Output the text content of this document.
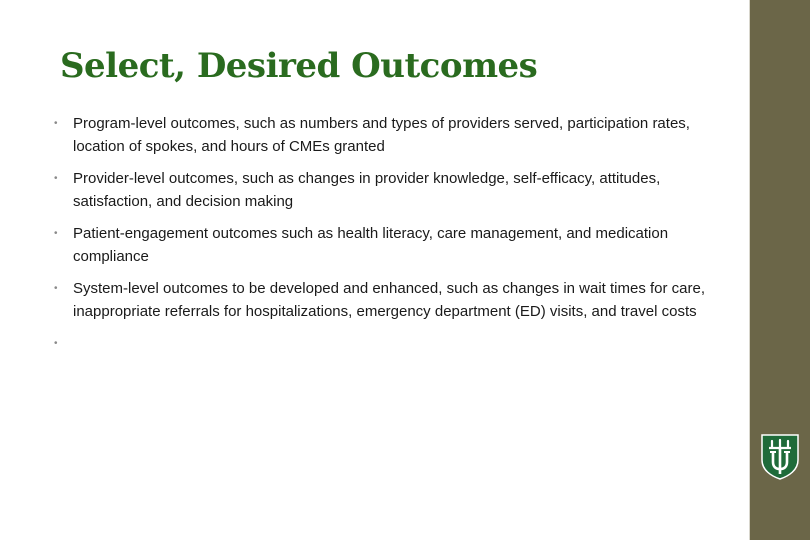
Select, Desired Outcomes
• Program-level outcomes, such as numbers and types of providers served, participation rates, location of spokes, and hours of CMEs granted
• Provider-level outcomes, such as changes in provider knowledge, self-efficacy, attitudes, satisfaction, and decision making
• Patient-engagement outcomes such as health literacy, care management, and medication compliance
• System-level outcomes to be developed and enhanced, such as changes in wait times for care, inappropriate referrals for hospitalizations, emergency department (ED) visits, and travel costs
•
